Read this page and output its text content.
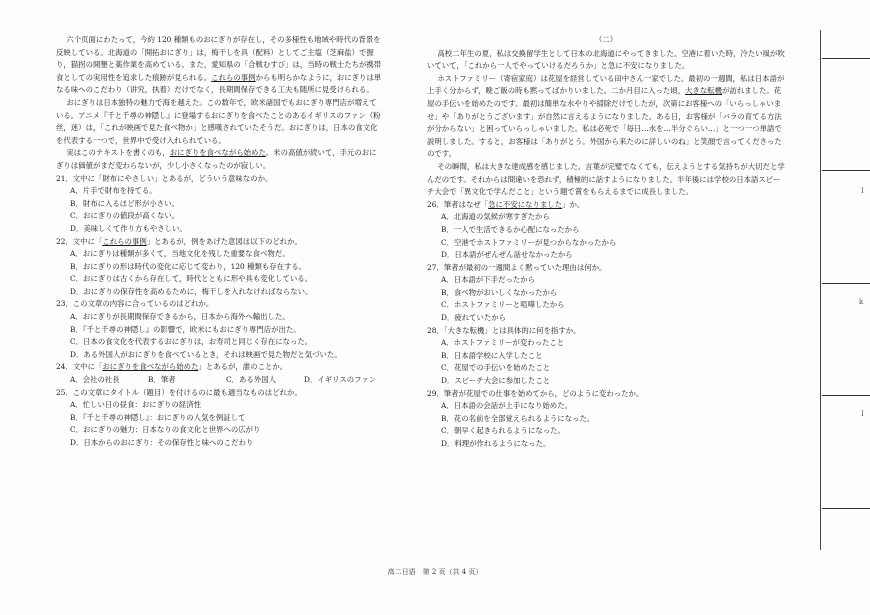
六个页面にわたって，今約 120 種類ものおにぎりが存在し，その多様性も地域や時代の背景を反映している。北海道の「開拓おにぎり」は，梅干しを具（配料）としてご主塩（芝麻盐）で握り，猫拐の開墾と薬作業を高めている。また，愛知県の「合戦むすび」は，当時の戦士たちが携帯食としての実用性を追求した痕跡が見られる。これらの事例からも明らかなように，おにぎりは単なる味へのこだわり（讲究，执着）だけでなく，長期間保存できる工夫も随所に見受けられる。

おにぎりは日本独特の魅力で海を越えた。この数年で，欧米諸国でもおにぎり専門店が増えている。アニメ『千と千尋の神隠し』に登場するおにぎりを食べたことのあるイギリスのファン（粉丝，迷）は，「これが映画で見た食べ物か」と感嘆されていたそうだ。おにぎりは，日本の食文化を代表する一つで，世界中で受け入れられている。

実はこのテキストを書くのも，おにぎりを食べながら始めた。米の高値が続いて，手元のおにぎりは価値がまだ変わらないが，少し小さくなったのが寂しい。

21．文中に「財布にやさしい」とあるが，どういう意味なのか。

A．片手で財布を持てる。

B．財布に入るほど形が小さい。

C．おにぎりの値段が高くない。

D．美味しくて作り方もやさしい。

22．文中に「これらの事例」とあるが，例をあげた意図は以下のどれか。

A．おにぎりは種類が多くて，当地文化を残した重要な食べ物だ。

B．おにぎりの形は時代の変化に応じて変わり，120 種類も存在する。

C．おにぎりは古くから存在して，時代とともに形や具も変化している。

D．おにぎりの保存性を高めるために，梅干しを入れなければならない。

23．この文章の内容に合っているのはどれか。

A．おにぎりが長期間保存できるから，日本から海外へ輸出した。

B．『千と千尋の神隠し』の影響で，欧米にもおにぎり専門店が出た。

C．日本の食文化を代表するおにぎりは，お寿司と同じく存在になった。

D．ある外国人がおにぎりを食べているとき，それは映画で見た物だと気づいた。

24．文中に「おにぎりを食べながら始めた」とあるが，誰のことか。

A．会社の社長	B．筆者	C．ある外国人	D．イギリスのファン

25．この文章にタイトル（題目）を付けるのに最も適当なものはどれか。

A．忙しい日の昼食：おにぎりの経済性

B．『千と千尋の神隠し』：おにぎりの人気を例証して

C．おにぎりの魅力：日本なりの食文化と世界への広がり

D．日本からのおにぎり：その保存性と味へのこだわり

（二）

高校二年生の夏，私は交換留学生として日本の北海道にやってきました。空港に着いた時，冷たい風が吹いていて，「これから一人でやっていけるだろうか」と急に不安になりました。

ホストファミリー（寄宿家庭）は花屋を経営している田中さん一家でした。最初の一週間，私は日本語が上手く分からず，晩ご飯の時も黙ってばかりいました。二か月目に入った頃，大きな転機が訪れました。花屋の手伝いを始めたのです。最初は簡単な水やりや掃除だけでしたが，次第にお客様への「いらっしゃいませ」や「ありがとうございます」が自然に言えるようになりました。ある日，お客様が「バラの育てる方法が分からない」と困っていらっしゃいました。私は必死で「毎日…水を…半分ぐらい…」と一つ一つ単語で説明しました。すると，お客様は「ありがとう。外国から来たのに詳しいのね」と笑顔で言ってくださったのです。

その瞬間，私は大きな達成感を感じました。言葉が完璧でなくても，伝えようとする気持ちが大切だと学んだのです。それからは間違いを恐れず，積極的に話すようになりました。半年後には学校の日本語スピーチ大会で「異文化で学んだこと」という題で賞をもらえるまでに成長しました。

26．筆者はなぜ「急に不安になりました」か。

A．北海道の気候が寒すぎたから

B．一人で生活できるか心配になったから

C．空港でホストファミリーが見つからなかったから

D．日本語がぜんぜん話せなかったから

27．筆者が最初の一週間よく黙っていた理由は何か。

A．日本語が下手だったから

B．食べ物がおいしくなかったから

C．ホストファミリーと喧嘩したから

D．疲れていたから

28．「大きな転機」とは具体的に何を指すか。

A．ホストファミリーが変わったこと

B．日本語学校に入学したこと

C．花屋での手伝いを始めたこと

D．スピーチ大会に参加したこと

29．筆者が花屋での仕事を始めてから，どのように変わったか。

A．日本語の会話が上手になり始めた。

B．花の名前を全部覚えられるようになった。

C．朝早く起きられるようになった。

D．料理が作れるようになった。

高二日语　第 2 页（共 4 页）
I
k
I
